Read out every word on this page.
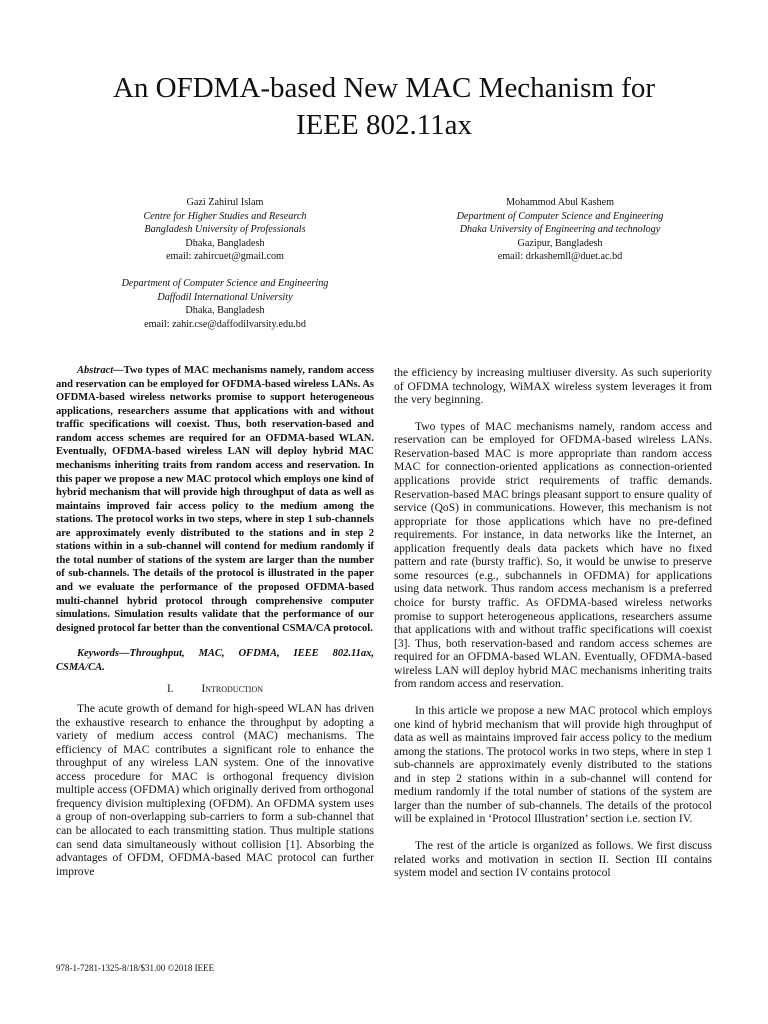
An OFDMA-based New MAC Mechanism for
IEEE 802.11ax
Gazi Zahirul Islam
Centre for Higher Studies and Research
Bangladesh University of Professionals
Dhaka, Bangladesh
email: zahircuet@gmail.com
Department of Computer Science and Engineering
Daffodil International University
Dhaka, Bangladesh
email: zahir.cse@daffodilvarsity.edu.bd
Mohammod Abul Kashem
Department of Computer Science and Engineering
Dhaka University of Engineering and technology
Gazipur, Bangladesh
email: drkashemll@duet.ac.bd

Abstract—Two types of MAC mechanisms namely, random access and reservation can be employed for OFDMA-based wireless LANs. As OFDMA-based wireless networks promise to support heterogeneous applications, researchers assume that applications with and without traffic specifications will coexist. Thus, both reservation-based and random access schemes are required for an OFDMA-based WLAN. Eventually, OFDMA-based wireless LAN will deploy hybrid MAC mechanisms inheriting traits from random access and reservation. In this paper we propose a new MAC protocol which employs one kind of hybrid mechanism that will provide high throughput of data as well as maintains improved fair access policy to the medium among the stations. The protocol works in two steps, where in step 1 sub-channels are approximately evenly distributed to the stations and in step 2 stations within in a sub-channel will contend for medium randomly if the total number of stations of the system are larger than the number of sub-channels. The details of the protocol is illustrated in the paper and we evaluate the performance of the proposed OFDMA-based multi-channel hybrid protocol through comprehensive computer simulations. Simulation results validate that the performance of our designed protocol far better than the conventional CSMA/CA protocol.

Keywords—Throughput, MAC, OFDMA, IEEE 802.11ax, CSMA/CA.

I.	Introduction

The acute growth of demand for high-speed WLAN has driven the exhaustive research to enhance the throughput by adopting a variety of medium access control (MAC) mechanisms. The efficiency of MAC contributes a significant role to enhance the throughput of any wireless LAN system. One of the innovative access procedure for MAC is orthogonal frequency division multiple access (OFDMA) which originally derived from orthogonal frequency division multiplexing (OFDM). An OFDMA system uses a group of non-overlapping sub-carriers to form a sub-channel that can be allocated to each transmitting station. Thus multiple stations can send data simultaneously without collision [1]. Absorbing the advantages of OFDM, OFDMA-based MAC protocol can further improve

the efficiency by increasing multiuser diversity. As such superiority of OFDMA technology, WiMAX wireless system leverages it from the very beginning.

Two types of MAC mechanisms namely, random access and reservation can be employed for OFDMA-based wireless LANs. Reservation-based MAC is more appropriate than random access MAC for connection-oriented applications as connection-oriented applications provide strict requirements of traffic demands. Reservation-based MAC brings pleasant support to ensure quality of service (QoS) in communications. However, this mechanism is not appropriate for those applications which have no pre-defined requirements. For instance, in data networks like the Internet, an application frequently deals data packets which have no fixed pattern and rate (bursty traffic). So, it would be unwise to preserve some resources (e.g., subchannels in OFDMA) for applications using data network. Thus random access mechanism is a preferred choice for bursty traffic. As OFDMA-based wireless networks promise to support heterogeneous applications, researchers assume that applications with and without traffic specifications will coexist [3]. Thus, both reservation-based and random access schemes are required for an OFDMA-based WLAN. Eventually, OFDMA-based wireless LAN will deploy hybrid MAC mechanisms inheriting traits from random access and reservation.

In this article we propose a new MAC protocol which employs one kind of hybrid mechanism that will provide high throughput of data as well as maintains improved fair access policy to the medium among the stations. The protocol works in two steps, where in step 1 sub-channels are approximately evenly distributed to the stations and in step 2 stations within in a sub-channel will contend for medium randomly if the total number of stations of the system are larger than the number of sub-channels. The details of the protocol will be explained in ‘Protocol Illustration’ section i.e. section IV.

The rest of the article is organized as follows. We first discuss related works and motivation in section II. Section III contains system model and section IV contains protocol

978-1-7281-1325-8/18/$31.00 ©2018 IEEE
